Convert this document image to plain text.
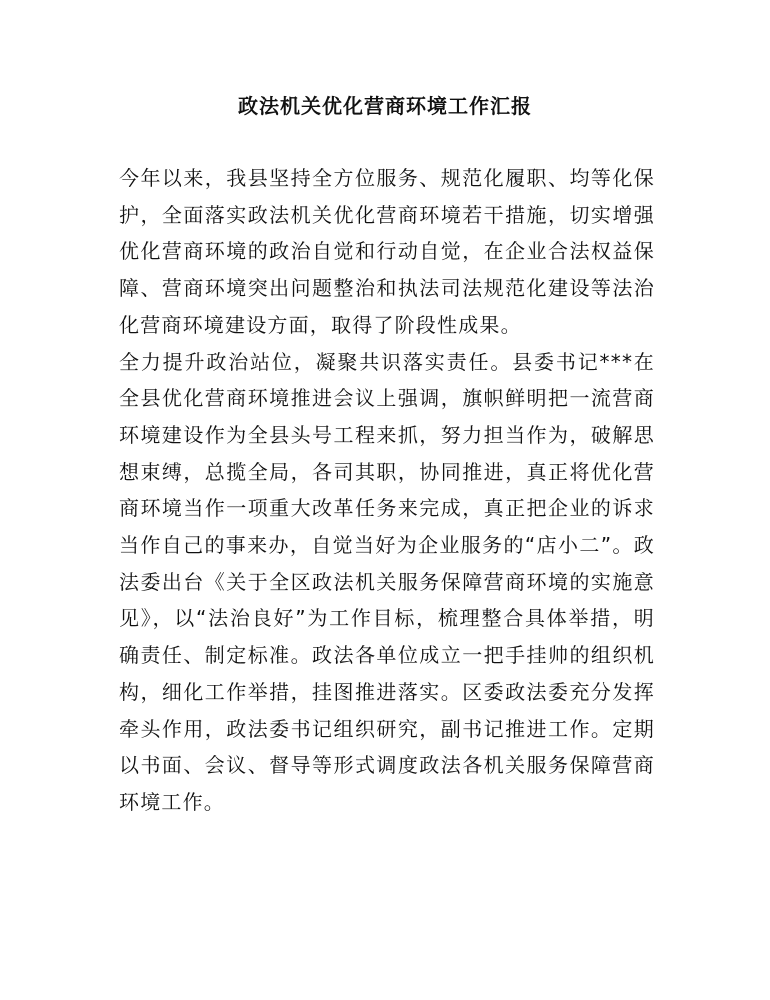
政法机关优化营商环境工作汇报

今年以来，我县坚持全方位服务、规范化履职、均等化保护，全面落实政法机关优化营商环境若干措施，切实增强优化营商环境的政治自觉和行动自觉，在企业合法权益保障、营商环境突出问题整治和执法司法规范化建设等法治化营商环境建设方面，取得了阶段性成果。

全力提升政治站位，凝聚共识落实责任。县委书记***在全县优化营商环境推进会议上强调，旗帜鲜明把一流营商环境建设作为全县头号工程来抓，努力担当作为，破解思想束缚，总揽全局，各司其职，协同推进，真正将优化营商环境当作一项重大改革任务来完成，真正把企业的诉求当作自己的事来办，自觉当好为企业服务的“店小二”。政法委出台《关于全区政法机关服务保障营商环境的实施意见》，以“法治良好”为工作目标，梳理整合具体举措，明确责任、制定标准。政法各单位成立一把手挂帅的组织机构，细化工作举措，挂图推进落实。区委政法委充分发挥牵头作用，政法委书记组织研究，副书记推进工作。定期以书面、会议、督导等形式调度政法各机关服务保障营商环境工作。
